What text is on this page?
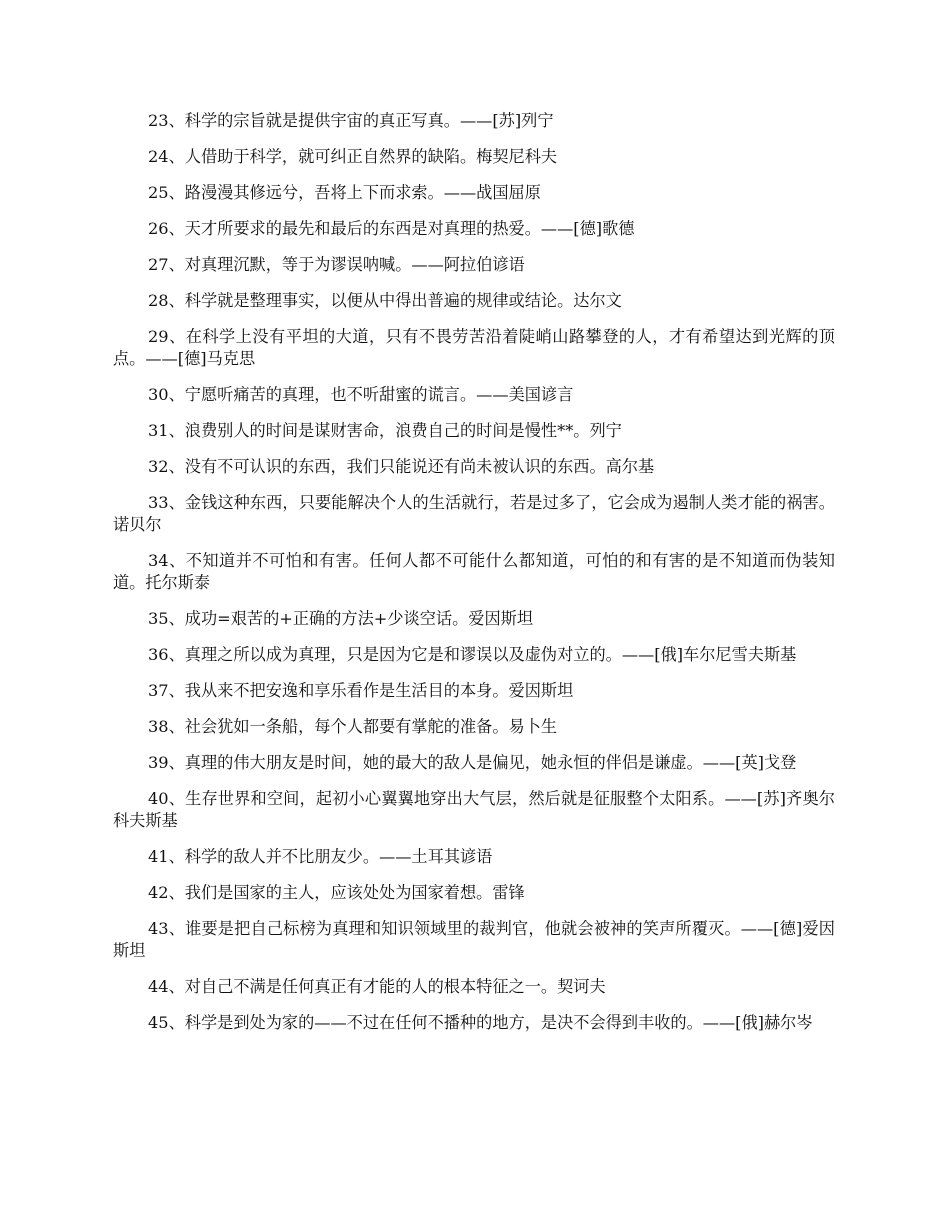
23、科学的宗旨就是提供宇宙的真正写真。——[苏]列宁

24、人借助于科学，就可纠正自然界的缺陷。梅契尼科夫

25、路漫漫其修远兮，吾将上下而求索。——战国屈原

26、天才所要求的最先和最后的东西是对真理的热爱。——[德]歌德

27、对真理沉默，等于为谬误呐喊。——阿拉伯谚语

28、科学就是整理事实，以便从中得出普遍的规律或结论。达尔文

29、在科学上没有平坦的大道，只有不畏劳苦沿着陡峭山路攀登的人，才有希望达到光辉的顶点。——[德]马克思

30、宁愿听痛苦的真理，也不听甜蜜的谎言。——美国谚言

31、浪费别人的时间是谋财害命，浪费自己的时间是慢性**。列宁

32、没有不可认识的东西，我们只能说还有尚未被认识的东西。高尔基

33、金钱这种东西，只要能解决个人的生活就行，若是过多了，它会成为遏制人类才能的祸害。诺贝尔

34、不知道并不可怕和有害。任何人都不可能什么都知道，可怕的和有害的是不知道而伪装知道。托尔斯泰

35、成功=艰苦的+正确的方法+少谈空话。爱因斯坦

36、真理之所以成为真理，只是因为它是和谬误以及虚伪对立的。——[俄]车尔尼雪夫斯基

37、我从来不把安逸和享乐看作是生活目的本身。爱因斯坦

38、社会犹如一条船，每个人都要有掌舵的准备。易卜生

39、真理的伟大朋友是时间，她的最大的敌人是偏见，她永恒的伴侣是谦虚。——[英]戈登

40、生存世界和空间，起初小心翼翼地穿出大气层，然后就是征服整个太阳系。——[苏]齐奥尔科夫斯基

41、科学的敌人并不比朋友少。——土耳其谚语

42、我们是国家的主人，应该处处为国家着想。雷锋

43、谁要是把自己标榜为真理和知识领域里的裁判官，他就会被神的笑声所覆灭。——[德]爱因斯坦

44、对自己不满是任何真正有才能的人的根本特征之一。契诃夫

45、科学是到处为家的——不过在任何不播种的地方，是决不会得到丰收的。——[俄]赫尔岑
